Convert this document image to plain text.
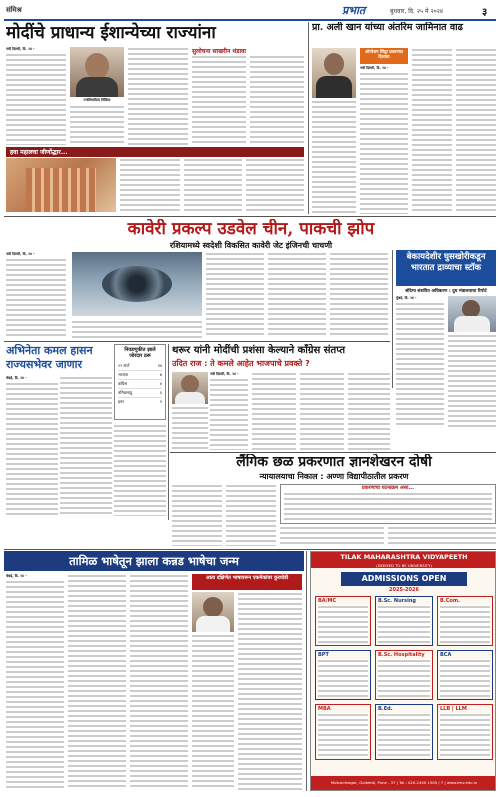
संमिश्र	प्रभात	बुधवार, दि. २५ मे २०२४	३
मोदींचे प्राधान्य ईशान्येच्या राज्यांना
नवी दिल्ली, दि. २४ -
ज्योतिरादित्य शिंदिया
सुलोचना साखरीन थंडावा
हवा महालचा जीर्णोद्धार...
प्रा. अली खान यांच्या अंतरिम जामिनात वाढ
ऑपरेशन सिंदूर प्रकरणात दिलासा
नवी दिल्ली, दि. २४ -
कावेरी प्रकल्प उडवेल चीन, पाकची झोप
रशियामध्ये स्वदेशी विकसित कावेरी जेट इंजिनची चाचणी
नवी दिल्ली, दि. २४ -	बेकायदेशीर घुसखोरीकडून भारतात द्राव्याचा स्टॉक
संदिग्ध संशयित अधिकरण : दुध मंत्रालयाचा रिपोर्ट
मुंबई, दि. २४ -
अभिनेता कमल हासन राज्यसभेवर जाणार
चेन्नई, दि. २४ -
निवडणुकीत झाले जोरदार ठरू
२२ सप्टें	१४
भाजपा	७
काँग्रेस	४
तमिळनाडू	६
इतर	१
थरूर यांनी मोदींची प्रशंसा केल्याने काँग्रेस संतप्त
उदित राज : ते कमले आहेत भाजपाचे प्रवक्ते ?
नवी दिल्ली, दि. २४ -
लैंगिक छळ प्रकरणात ज्ञानशेखरन दोषी
न्यायालयाचा निकाल : अण्णा विद्यापीठातील प्रकरण
प्रकरणाचा घटनाक्रम असा...
तामिळ भाषेतून झाला कन्नड भाषेचा जन्म
चेन्नई, दि. २४ -	आता दक्षिणेत भाषावरून एकमेकांवर कुरघोडी
TILAK MAHARASHTRA VIDYAPEETH
(DEEMED TO BE UNIVERSITY)
ADMISSIONS OPEN
2025-2026
BA/MC	B.Sc. Nursing	B.Com.
BPT	B.Sc. Hospitality	BCA
MBA	B.Ed.	LLB | LLM
Mukundnagar, Gultekdi, Pune - 37 | Tel.: 020-2440 1500 / 7 | www.tmv.edu.in
